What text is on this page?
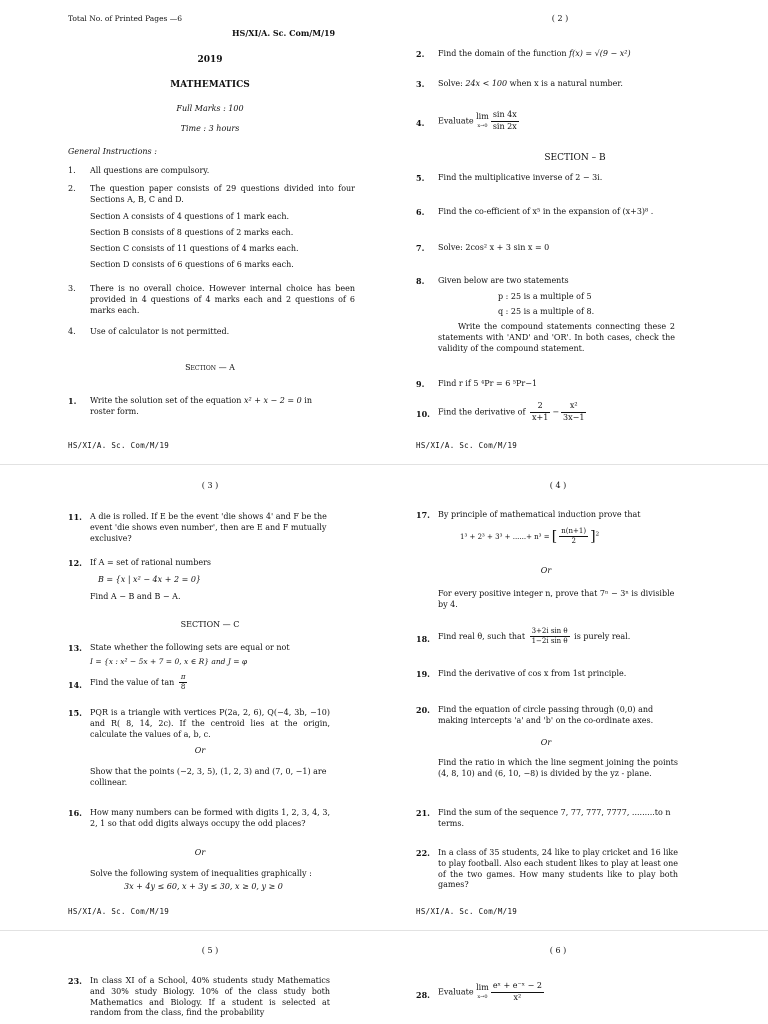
Total No. of Printed Pages —6
HS/XI/A. Sc. Com/M/19
2019
MATHEMATICS
Full Marks : 100
Time : 3 hours
General Instructions :
1. All questions are compulsory.
2. The question paper consists of 29 questions divided into four Sections A, B, C and D.
Section A consists of 4 questions of 1 mark each.
Section B consists of 8 questions of 2 marks each.
Section C consists of 11 questions of 4 marks each.
Section D consists of 6 questions of 6 marks each.
3. There is no overall choice. However internal choice has been provided in 4 questions of 4 marks each and 2 questions of 6 marks each.
4. Use of calculator is not permitted.
Section — A
1. Write the solution set of the equation x² + x − 2 = 0 in roster form.
HS/XI/A. Sc. Com/M/19
( 2 )
2. Find the domain of the function f(x) = √(9 − x²)
3. Solve: 24x < 100 when x is a natural number.
4. Evaluate lim
$x\to 0 \frac{\sin 4x}{\sin 2x}$
SECTION – B
5. Find the multiplicative inverse of 2 − 3i.
6. Find the co-efficient of x⁵ in the expansion of (x+3)⁸ .
7. Solve: 2cos² x + 3 sin x = 0
8. Given below are two statements
p : 25 is a multiple of 5
q : 25 is a multiple of 8.
Write the compound statements connecting these 2 statements with 'AND' and 'OR'. In both cases, check the validity of the compound statement.
9. Find r if 5 ⁴Pr = 6 ⁵Pr−1
10. Find the derivative of $\frac{2}{x+1} - \frac{\text{x²}}{3x-1}$
HS/XI/A. Sc. Com/M/19
( 3 )
11. A die is rolled. If E be the event 'die shows 4' and F be the event 'die shows even number', then are E and F mutually exclusive?
12. If A = set of rational numbers
B = {x | x² − 4x + 2 = 0}
Find A − B and B − A.
SECTION — C
13. State whether the following sets are equal or not
I = {x : x² − 5x + 7 = 0, x ∈ R} and J = φ
14. Find the value of $\tan \frac{\pi}{8}$
15. PQR is a triangle with vertices P(2a, 2, 6), Q(−4, 3b, −10) and R( 8, 14, 2c). If the centroid lies at the origin, calculate the values of a, b, c.
Or
Show that the points (−2, 3, 5), (1, 2, 3) and (7, 0, −1) are collinear.
16. How many numbers can be formed with digits 1, 2, 3, 4, 3, 2, 1 so that odd digits always occupy the odd places?
Or
Solve the following system of inequalities graphically :
3x + 4y ≤ 60, x + 3y ≤ 30, x ≥ 0, y ≥ 0
HS/XI/A. Sc. Com/M/19
( 4 )
17. By principle of mathematical induction prove that
1³ + 2³ + 3³ + ......+ n³ = [ $\frac{n(n+1)}{2} ]^2$
Or
For every positive integer n, prove that 7ⁿ − 3ⁿ is divisible by 4.
18. Find real θ, such that $\frac{\text{3+2i sin θ}}{\text{1−2i sin θ}}$ is purely real.
19. Find the derivative of cos x from 1st principle.
20. Find the equation of circle passing through (0,0) and making intercepts 'a' and 'b' on the co-ordinate axes.
Or
Find the ratio in which the line segment joining the points (4, 8, 10) and (6, 10, −8) is divided by the yz - plane.
21. Find the sum of the sequence 7, 77, 777, 7777, .........to n terms.
22. In a class of 35 students, 24 like to play cricket and 16 like to play football. Also each student likes to play at least one of the two games. How many students like to play both games?
HS/XI/A. Sc. Com/M/19
( 5 )
23. In class XI of a School, 40% students study Mathematics and 30% study Biology. 10% of the class study both Mathematics and Biology. If a student is selected at random from the class, find the probability
( 6 )
28. Evaluate lim
$x\to 0 \frac{\text{eˣ + e⁻ˣ − 2}}{\text{x²}}$
